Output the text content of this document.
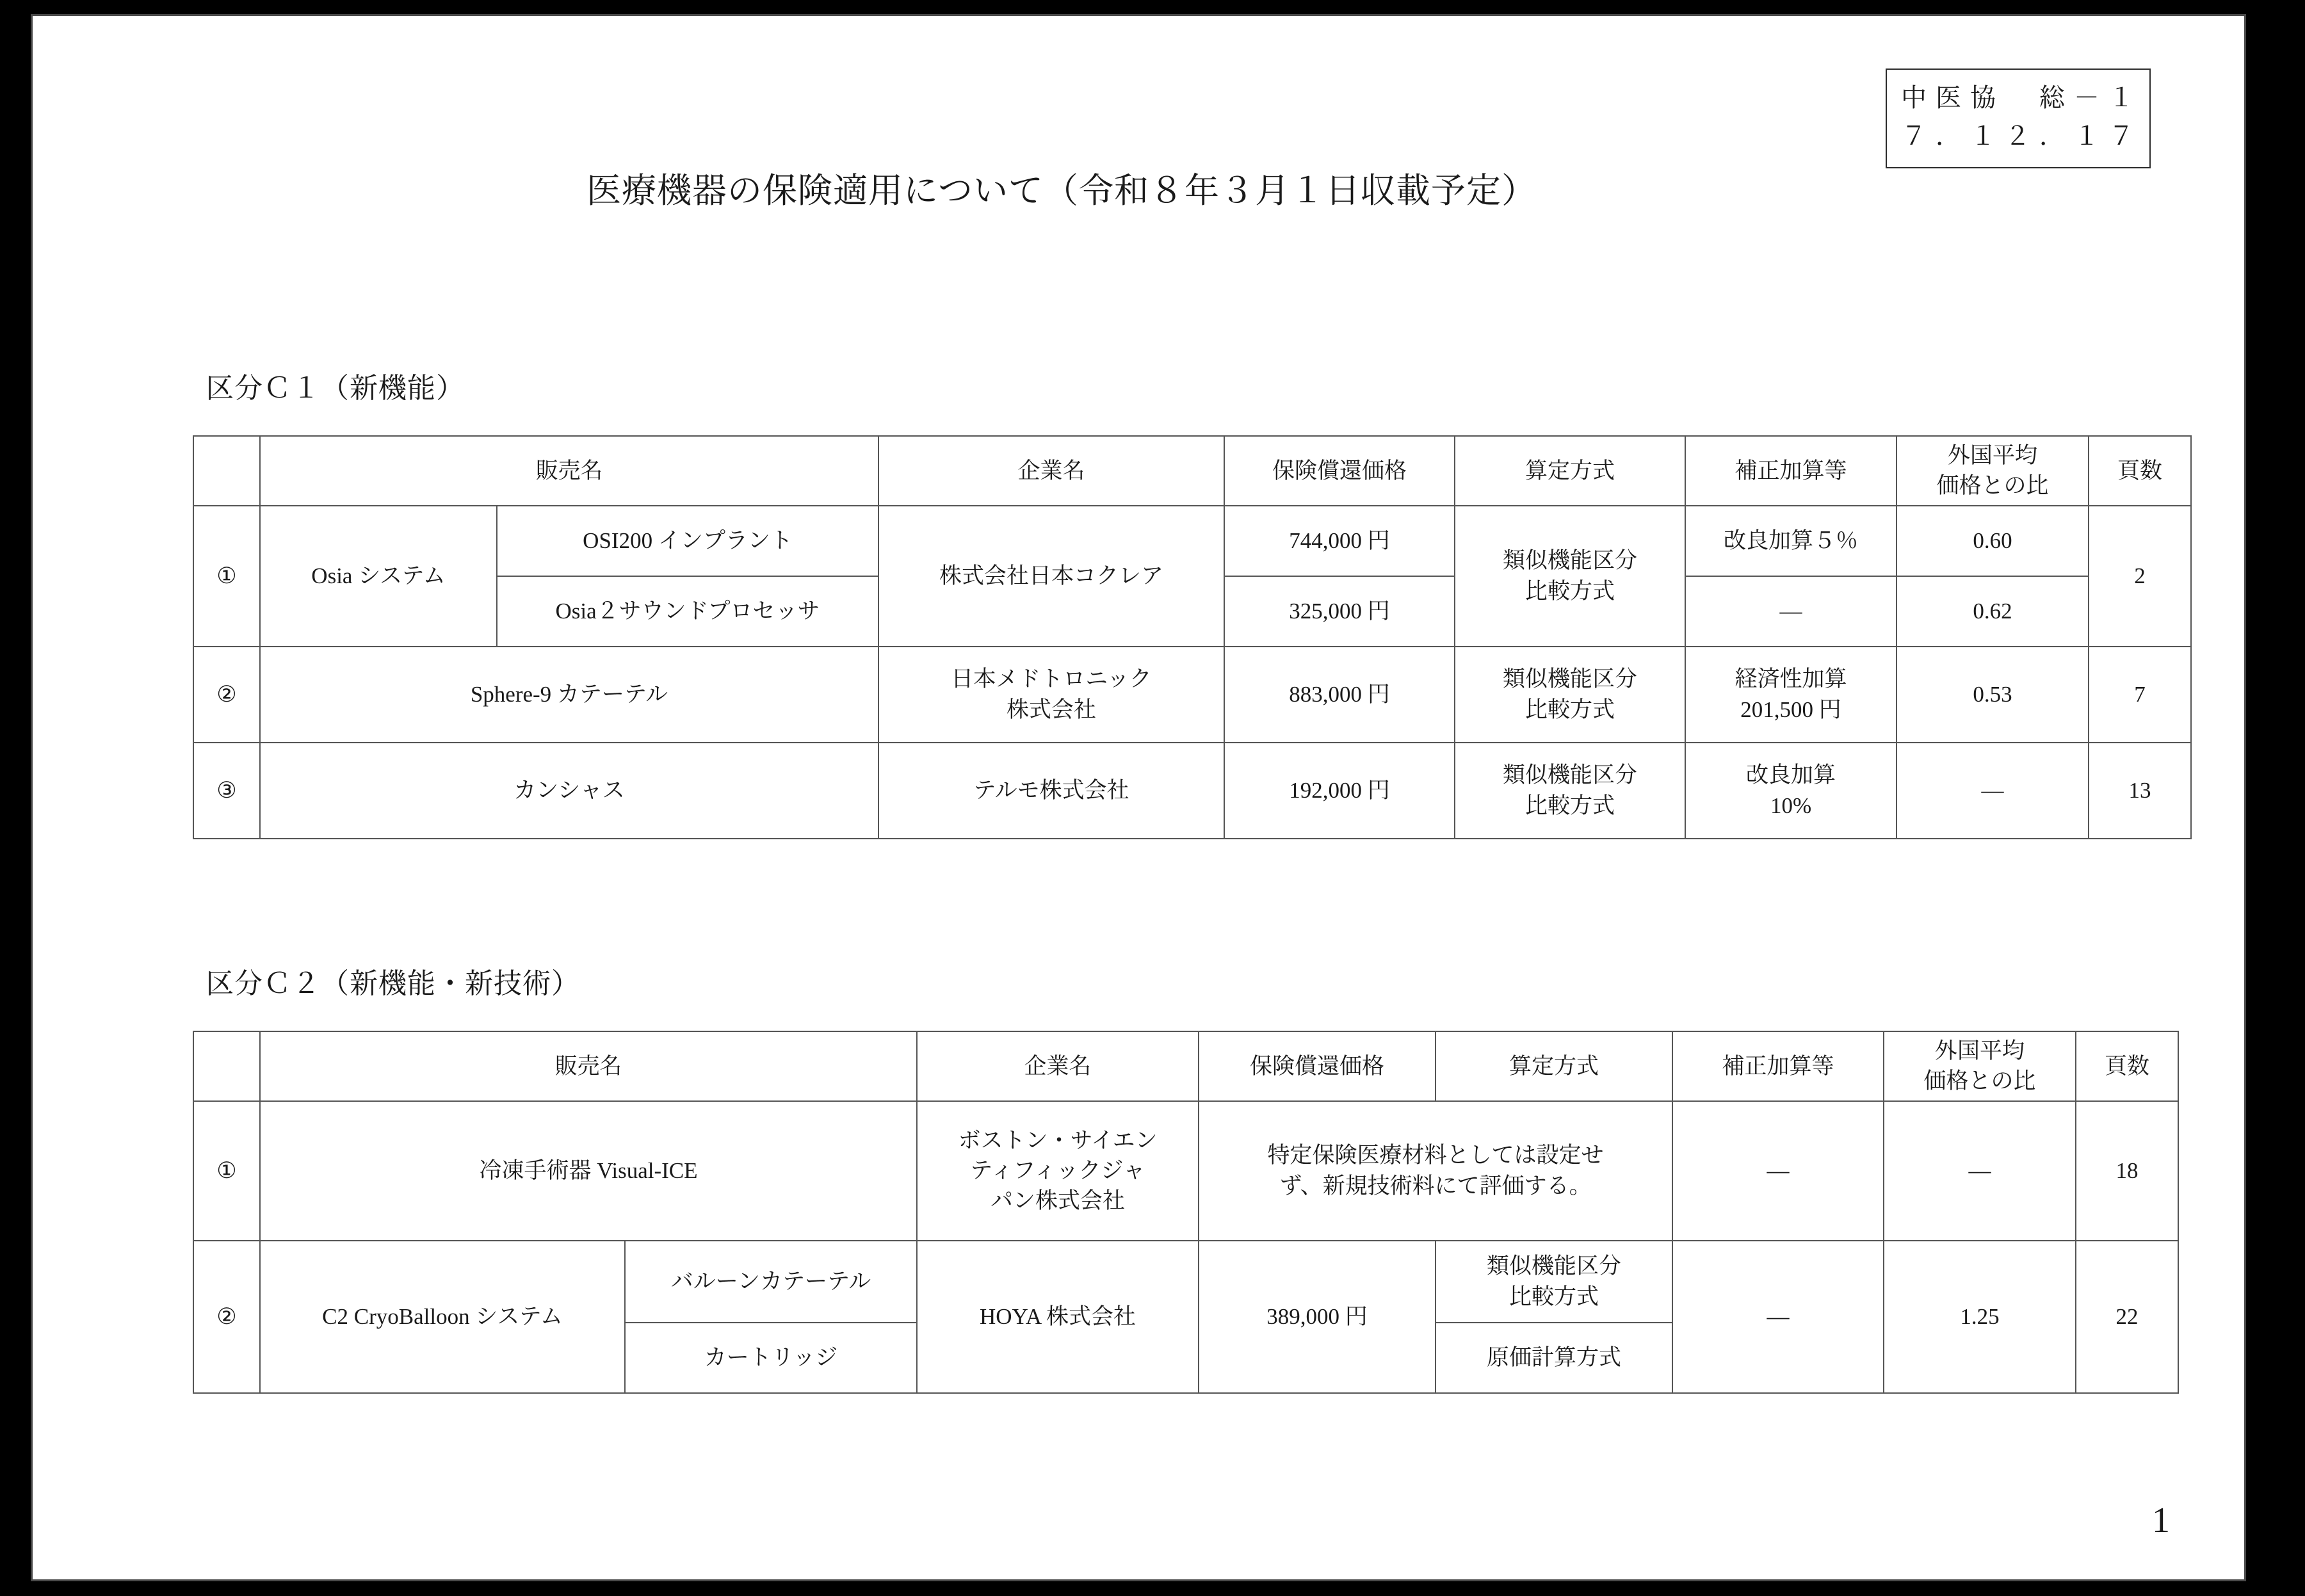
中 医 協 　 総 － １
７ ． １ ２ ． １ ７
医療機器の保険適用について（令和８年３月１日収載予定）
区分Ｃ１（新機能）
	販売名		企業名	保険償還価格	算定方式	補正加算等	外国平均
価格との比	頁数
①	Osia システム	OSI200 インプラント	株式会社日本コクレア	744,000 円	類似機能区分
比較方式	改良加算５％	0.60	2
		Osia２サウンドプロセッサ		325,000 円		—	0.62	
②	Sphere-9 カテーテル		日本メドトロニック
株式会社	883,000 円	類似機能区分
比較方式	経済性加算
201,500 円	0.53	7
③	カンシャス		テルモ株式会社	192,000 円	類似機能区分
比較方式	改良加算
10%	—	13
区分Ｃ２（新機能・新技術）
	販売名		企業名	保険償還価格	算定方式	補正加算等	外国平均
価格との比	頁数
①	冷凍手術器 Visual-ICE		ボストン・サイエン
ティフィックジャ
パン株式会社	特定保険医療材料としては設定せ
ず、新規技術料にて評価する。		—	—	18
②	C2 CryoBalloon システム	バルーンカテーテル	HOYA 株式会社	389,000 円	類似機能区分
比較方式	—	1.25	22
		カートリッジ			原価計算方式			
1
